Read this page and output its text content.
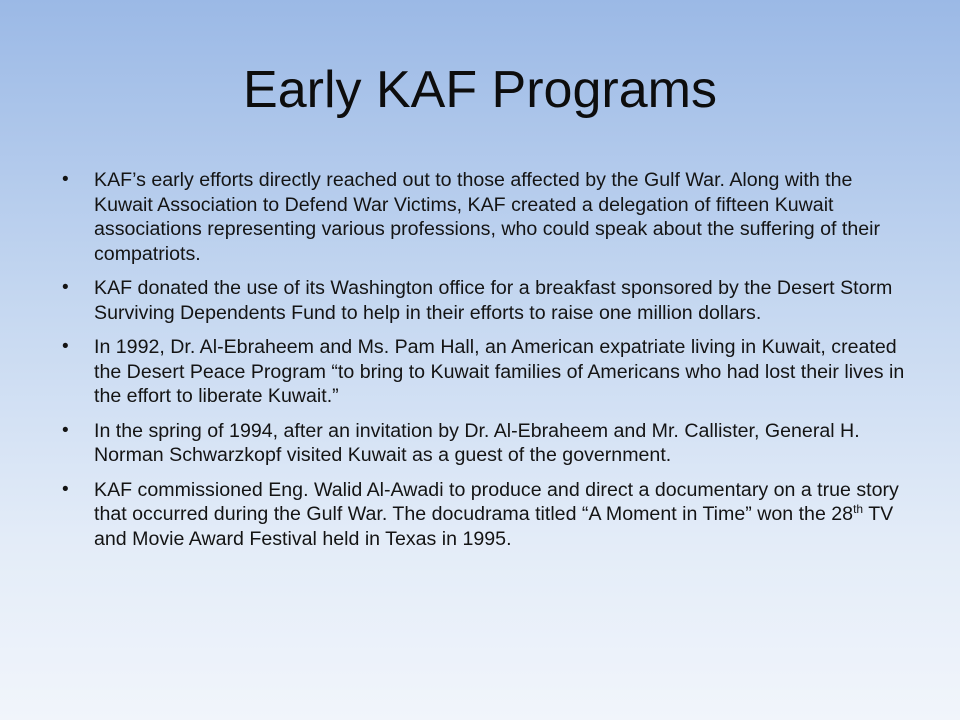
Early KAF Programs
• KAF’s early efforts directly reached out to those affected by the Gulf War. Along with the Kuwait Association to Defend War Victims, KAF created a delegation of fifteen Kuwait associations representing various professions, who could speak about the suffering of their compatriots.
• KAF donated the use of its Washington office for a breakfast sponsored by the Desert Storm Surviving Dependents Fund to help in their efforts to raise one million dollars.
• In 1992, Dr. Al-Ebraheem and Ms. Pam Hall, an American expatriate living in Kuwait, created the Desert Peace Program “to bring to Kuwait families of Americans who had lost their lives in the effort to liberate Kuwait.”
• In the spring of 1994, after an invitation by Dr. Al-Ebraheem and Mr. Callister, General H. Norman Schwarzkopf visited Kuwait as a guest of the government.
• KAF commissioned Eng. Walid Al-Awadi to produce and direct a documentary on a true story that occurred during the Gulf War. The docudrama titled “A Moment in Time” won the 28th TV and Movie Award Festival held in Texas in 1995.
